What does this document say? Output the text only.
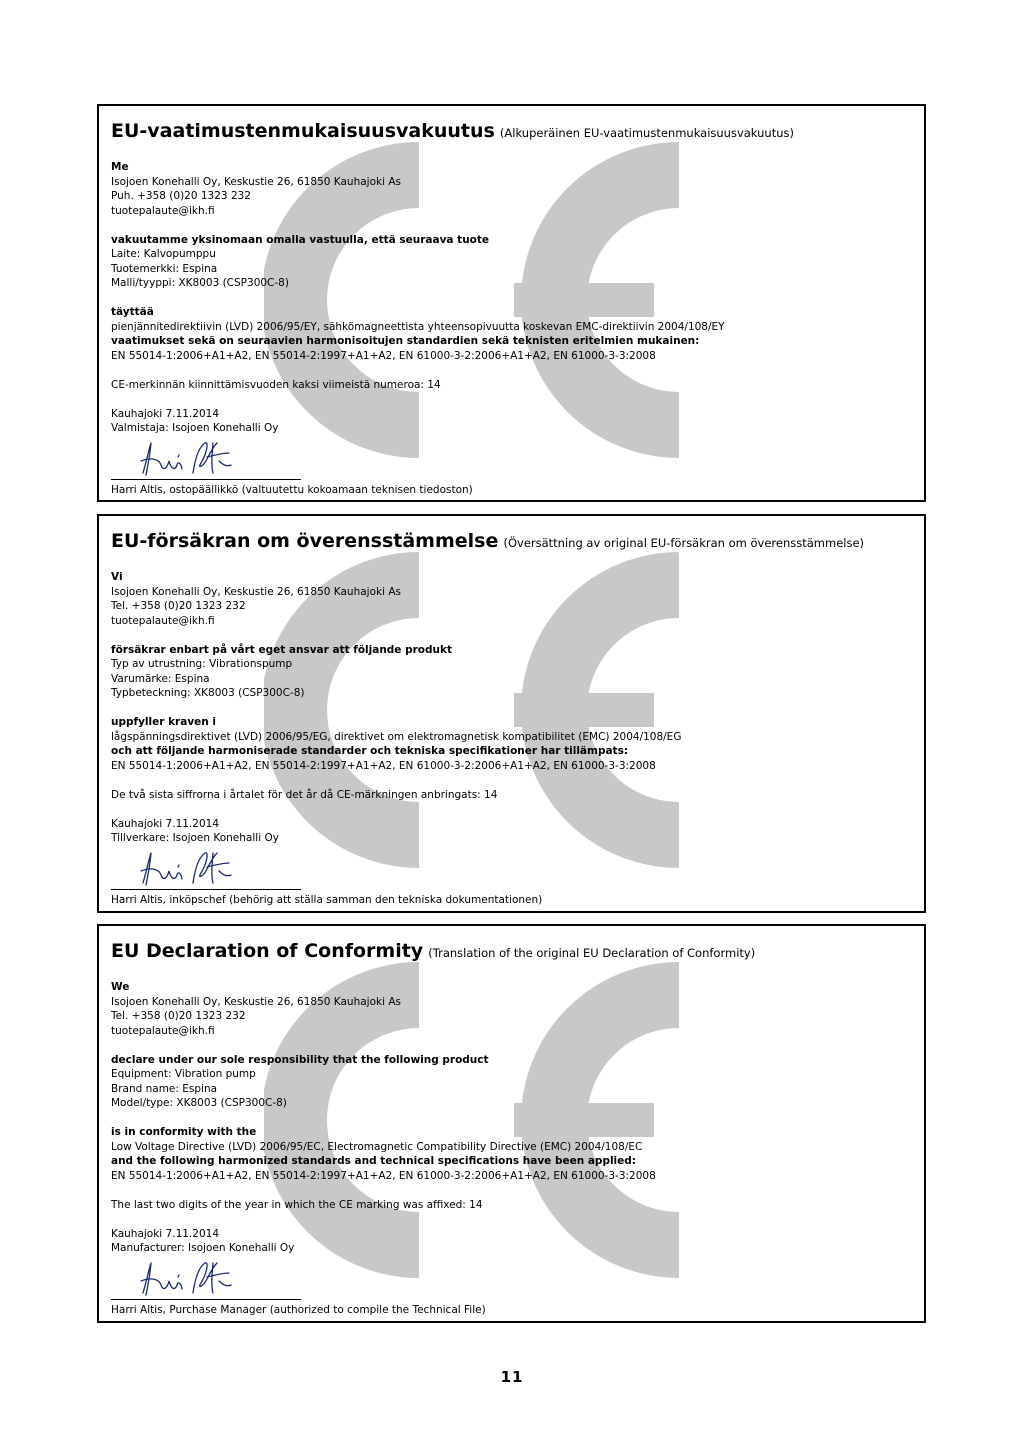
EU-vaatimustenmukaisuusvakuutus (Alkuperäinen EU-vaatimustenmukaisuusvakuutus)
Me
Isojoen Konehalli Oy, Keskustie 26, 61850 Kauhajoki As
Puh. +358 (0)20 1323 232
tuotepalaute@ikh.fi
vakuutamme yksinomaan omalla vastuulla, että seuraava tuote
Laite: Kalvopumppu
Tuotemerkki: Espina
Malli/tyyppi: XK8003 (CSP300C-8)
täyttää
pienjännitedirektiivin (LVD) 2006/95/EY, sähkömagneettista yhteensopivuutta koskevan EMC-direktiivin 2004/108/EY
vaatimukset sekä on seuraavien harmonisoitujen standardien sekä teknisten eritelmien mukainen:
EN 55014-1:2006+A1+A2, EN 55014-2:1997+A1+A2, EN 61000-3-2:2006+A1+A2, EN 61000-3-3:2008
CE-merkinnän kiinnittämisvuoden kaksi viimeistä numeroa: 14
Kauhajoki 7.11.2014
Valmistaja: Isojoen Konehalli Oy
Harri Altis, ostopäällikkö (valtuutettu kokoamaan teknisen tiedoston)
EU-försäkran om överensstämmelse (Översättning av original EU-försäkran om överensstämmelse)
Vi
Isojoen Konehalli Oy, Keskustie 26, 61850 Kauhajoki As
Tel. +358 (0)20 1323 232
tuotepalaute@ikh.fi
försäkrar enbart på vårt eget ansvar att följande produkt
Typ av utrustning: Vibrationspump
Varumärke: Espina
Typbeteckning: XK8003 (CSP300C-8)
uppfyller kraven i
lågspänningsdirektivet (LVD) 2006/95/EG, direktivet om elektromagnetisk kompatibilitet (EMC) 2004/108/EG
och att följande harmoniserade standarder och tekniska specifikationer har tillämpats:
EN 55014-1:2006+A1+A2, EN 55014-2:1997+A1+A2, EN 61000-3-2:2006+A1+A2, EN 61000-3-3:2008
De två sista siffrorna i årtalet för det år då CE-märkningen anbringats: 14
Kauhajoki 7.11.2014
Tillverkare: Isojoen Konehalli Oy
Harri Altis, inköpschef (behörig att ställa samman den tekniska dokumentationen)
EU Declaration of Conformity (Translation of the original EU Declaration of Conformity)
We
Isojoen Konehalli Oy, Keskustie 26, 61850 Kauhajoki As
Tel. +358 (0)20 1323 232
tuotepalaute@ikh.fi
declare under our sole responsibility that the following product
Equipment: Vibration pump
Brand name: Espina
Model/type: XK8003 (CSP300C-8)
is in conformity with the
Low Voltage Directive (LVD) 2006/95/EC, Electromagnetic Compatibility Directive (EMC) 2004/108/EC
and the following harmonized standards and technical specifications have been applied:
EN 55014-1:2006+A1+A2, EN 55014-2:1997+A1+A2, EN 61000-3-2:2006+A1+A2, EN 61000-3-3:2008
The last two digits of the year in which the CE marking was affixed: 14
Kauhajoki 7.11.2014
Manufacturer: Isojoen Konehalli Oy
Harri Altis, Purchase Manager (authorized to compile the Technical File)
11
